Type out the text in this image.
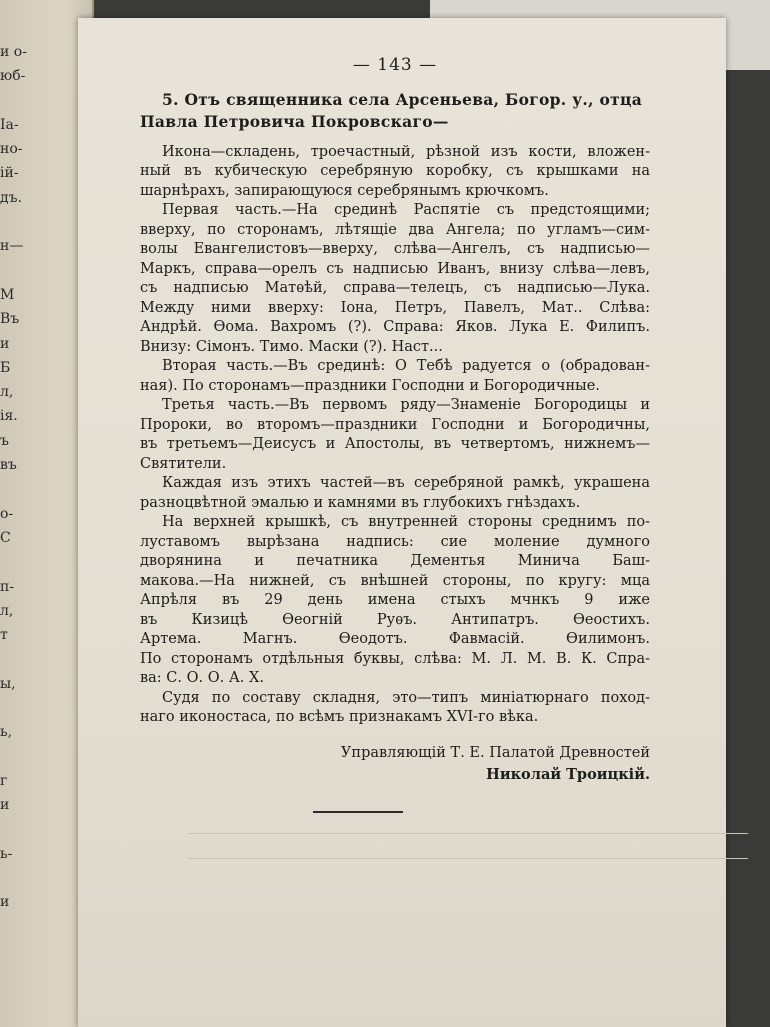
и о-
юб-
Іа-
но-
ій-
дъ.
н—
М
Въ
и
Б
л,
ія.
ъ
въ
о-
С
п-
л,
т
ы,
ь,
г
и
ь-
и
— 143 —
5. Отъ священника села Арсеньева, Богор. у., отца Павла Петровича Покровскаго—
Икона—складень, троечастный, рѣзной изъ кости, вложен-
ный въ кубическую серебряную коробку, съ крышками на
шарнѣрахъ, запирающуюся серебрянымъ крючкомъ.
Первая часть.—На срединѣ Распятіе съ предстоящими;
вверху, по сторонамъ, лѣтящіе два Ангела; по угламъ—сим-
волы Евангелистовъ—вверху, слѣва—Ангелъ, съ надписью—
Маркъ, справа—орелъ съ надписью Иванъ, внизу слѣва—левъ,
съ надписью Матѳѣй, справа—телецъ, съ надписью—Лука.
Между ними вверху: Іона, Петръ, Павелъ, Мат.. Слѣва:
Андрѣй. Ѳома. Вахромъ (?). Справа: Яков. Лука Е. Филипъ.
Внизу: Сімонъ. Тимо. Маски (?). Наст...
Вторая часть.—Въ срединѣ: О Тебѣ радуется о (обрадован-
ная). По сторонамъ—праздники Господни и Богородичные.
Третья часть.—Въ первомъ ряду—Знаменіе Богородицы и
Пророки, во второмъ—праздники Господни и Богородичны,
въ третьемъ—Деисусъ и Апостолы, въ четвертомъ, нижнемъ—
Святители.
Каждая изъ этихъ частей—въ серебряной рамкѣ, украшена
разноцвѣтной эмалью и камнями въ глубокихъ гнѣздахъ.
На верхней крышкѣ, съ внутренней стороны среднимъ по-
луставомъ вырѣзана надпись: сие моление думного
дворянина и печатника Дементья Минича Баш-
макова.—На нижней, съ внѣшней стороны, по кругу: мца
Апрѣля въ 29 день имена стыхъ мчнкъ 9 иже
въ Кизицѣ Ѳеогній Руѳъ. Антипатръ. Ѳеостихъ.
Артема. Магнъ. Ѳеодотъ. Фавмасій. Ѳилимонъ.
По сторонамъ отдѣльныя буквы, слѣва: М. Л. М. В. К. Спра-
ва: С. О. О. А. Х.
Судя по составу складня, это—типъ миніатюрнаго поход-
наго иконостаса, по всѣмъ признакамъ XVI-го вѣка.
Управляющій Т. Е. Палатой Древностей
Николай Троицкій.
